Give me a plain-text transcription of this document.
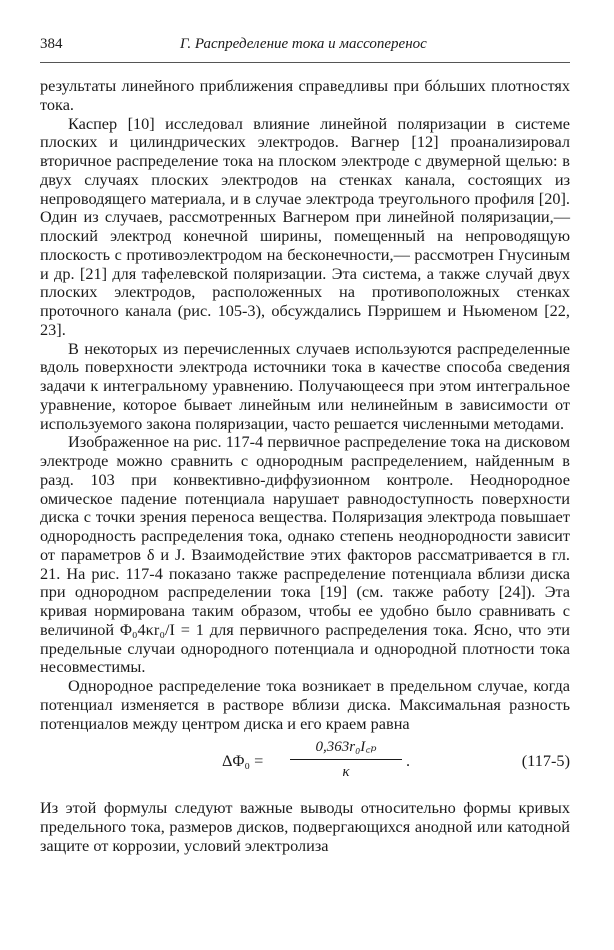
384	Г. Распределение тока и массоперенос

результаты линейного приближения справедливы при бóльших плотностях тока.

Каспер [10] исследовал влияние линейной поляризации в системе плоских и цилиндрических электродов. Вагнер [12] проанализировал вторичное распределение тока на плоском электроде с двумерной щелью: в двух случаях плоских электродов на стенках канала, состоящих из непроводящего материала, и в случае электрода треугольного профиля [20]. Один из случаев, рассмотренных Вагнером при линейной поляризации,— плоский электрод конечной ширины, помещенный на непроводящую плоскость с противоэлектродом на бесконечности,— рассмотрен Гнусиным и др. [21] для тафелевской поляризации. Эта система, а также случай двух плоских электродов, расположенных на противоположных стенках проточного канала (рис. 105-3), обсуждались Пэрришем и Ньюменом [22, 23].

В некоторых из перечисленных случаев используются распределенные вдоль поверхности электрода источники тока в качестве способа сведения задачи к интегральному уравнению. Получающееся при этом интегральное уравнение, которое бывает линейным или нелинейным в зависимости от используемого закона поляризации, часто решается численными методами.

Изображенное на рис. 117-4 первичное распределение тока на дисковом электроде можно сравнить с однородным распределением, найденным в разд. 103 при конвективно-диффузионном контроле. Неоднородное омическое падение потенциала нарушает равнодоступность поверхности диска с точки зрения переноса вещества. Поляризация электрода повышает однородность распределения тока, однако степень неоднородности зависит от параметров δ и J. Взаимодействие этих факторов рассматривается в гл. 21. На рис. 117-4 показано также распределение потенциала вблизи диска при однородном распределении тока [19] (см. также работу [24]). Эта кривая нормирована таким образом, чтобы ее удобно было сравнивать с величиной Φ₀4κr₀/I = 1 для первичного распределения тока. Ясно, что эти предельные случаи однородного потенциала и однородной плотности тока несовместимы.

Однородное распределение тока возникает в предельном случае, когда потенциал изменяется в растворе вблизи диска. Максимальная разность потенциалов между центром диска и его краем равна

ΔΦ₀ =
0,363r₀I꜀ₚ
κ
.	(117-5)

Из этой формулы следуют важные выводы относительно формы кривых предельного тока, размеров дисков, подвергающихся анодной или катодной защите от коррозии, условий электролиза
